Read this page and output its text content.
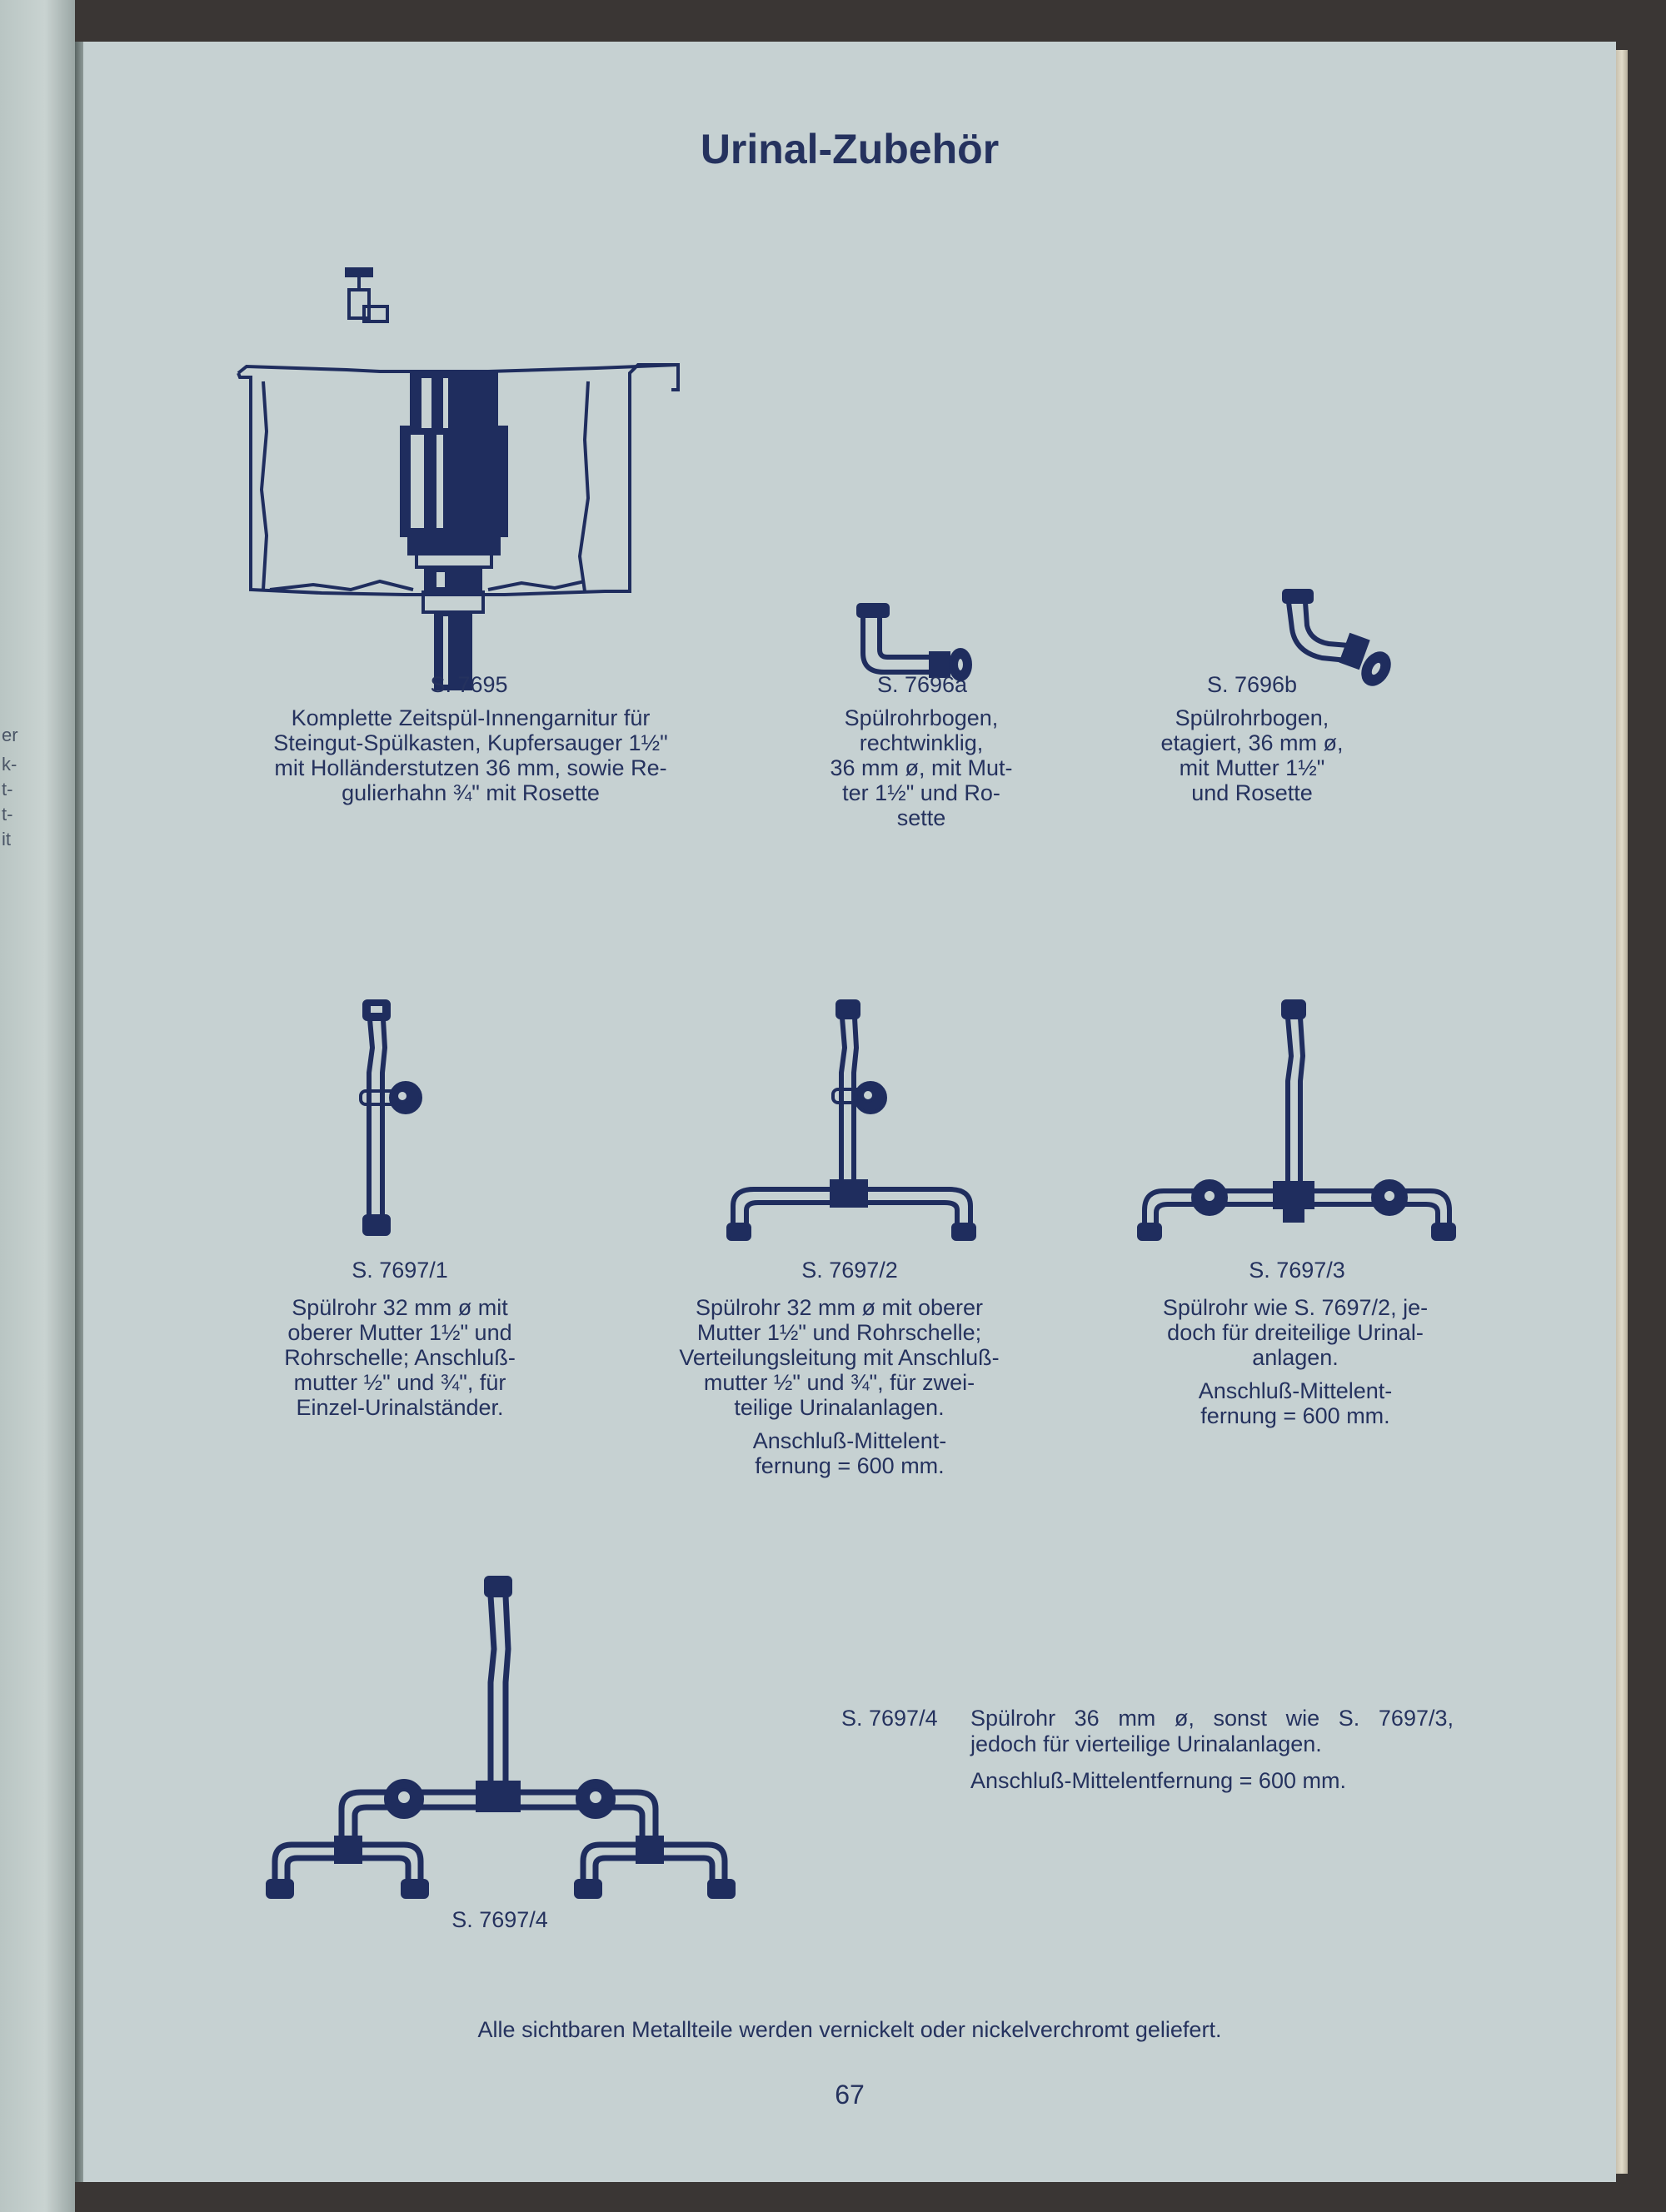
er
k-
t-
t-
it
Urinal-Zubehör
S. 7695
Komplette Zeitspül-Innengarnitur für
Steingut-Spülkasten, Kupfersauger 1½"
mit Holländerstutzen 36 mm, sowie Re-
gulierhahn ¾" mit Rosette
S. 7696a
Spülrohrbogen,
rechtwinklig,
36 mm ø, mit Mut-
ter 1½" und Ro-
sette
S. 7696b
Spülrohrbogen,
etagiert, 36 mm ø,
mit Mutter 1½"
und Rosette
S. 7697/1
Spülrohr 32 mm ø mit
oberer Mutter 1½" und
Rohrschelle; Anschluß-
mutter ½" und ¾", für
Einzel-Urinalständer.
S. 7697/2
Spülrohr 32 mm ø mit oberer
Mutter 1½" und Rohrschelle;
Verteilungsleitung mit Anschluß-
mutter ½" und ¾", für zwei-
teilige Urinalanlagen.
Anschluß-Mittelent-
fernung = 600 mm.
S. 7697/3
Spülrohr wie S. 7697/2, je-
doch für dreiteilige Urinal-
anlagen.
Anschluß-Mittelent-
fernung = 600 mm.
S. 7697/4 Spülrohr 36 mm ø, sonst wie S. 7697/3,
jedoch für vierteilige Urinalanlagen.
Anschluß-Mittelentfernung = 600 mm.
S. 7697/4
Alle sichtbaren Metallteile werden vernickelt oder nickelverchromt geliefert.
67
